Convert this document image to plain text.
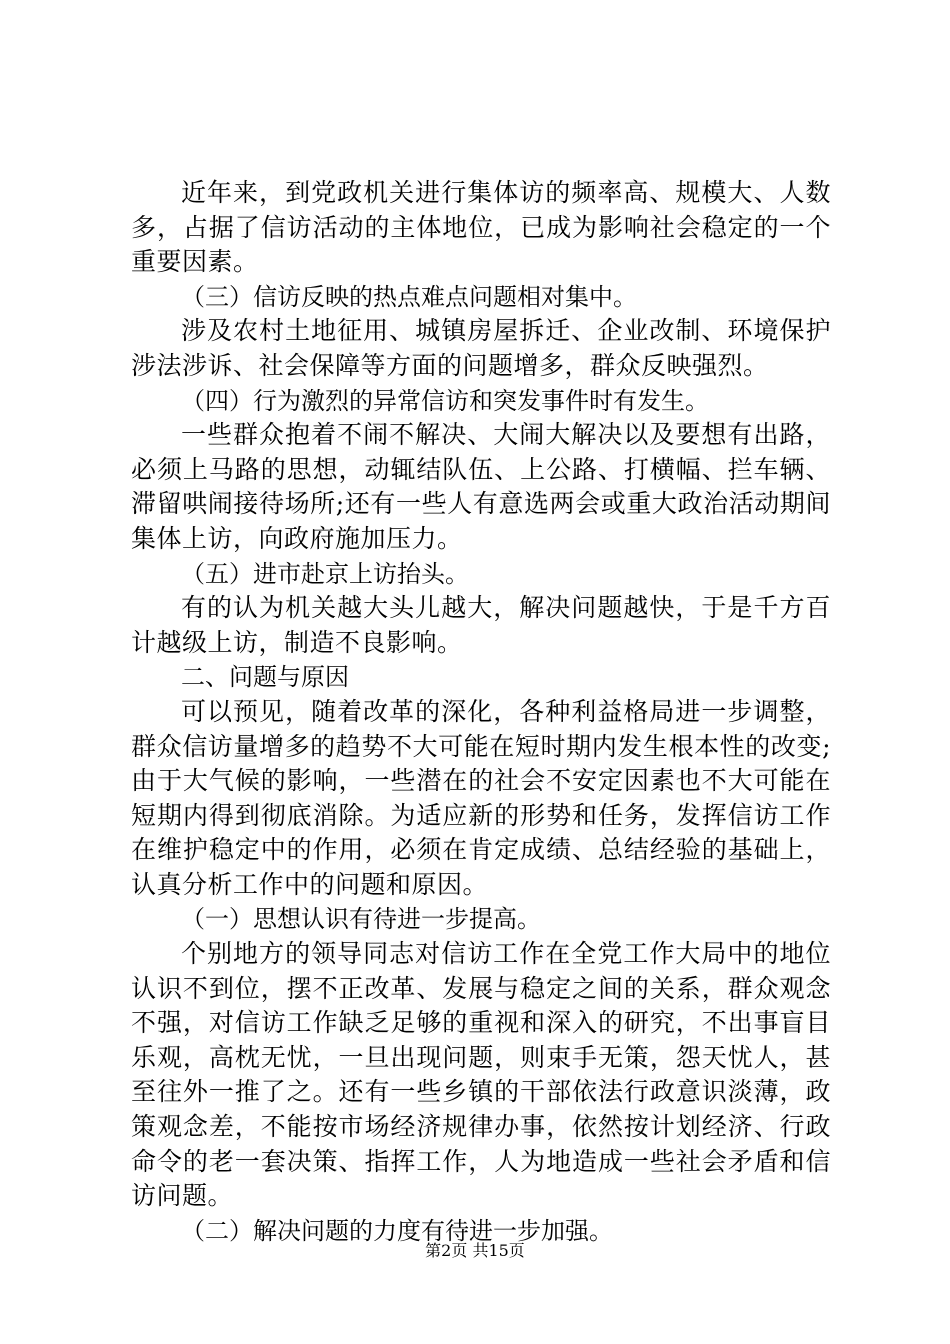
近年来，到党政机关进行集体访的频率高、规模大、人数多，占据了信访活动的主体地位，已成为影响社会稳定的一个重要因素。

（三）信访反映的热点难点问题相对集中。

涉及农村土地征用、城镇房屋拆迁、企业改制、环境保护涉法涉诉、社会保障等方面的问题增多，群众反映强烈。

（四）行为激烈的异常信访和突发事件时有发生。

一些群众抱着不闹不解决、大闹大解决以及要想有出路，必须上马路的思想，动辄结队伍、上公路、打横幅、拦车辆、滞留哄闹接待场所;还有一些人有意选两会或重大政治活动期间集体上访，向政府施加压力。

（五）进市赴京上访抬头。

有的认为机关越大头儿越大，解决问题越快，于是千方百计越级上访，制造不良影响。

二、问题与原因

可以预见，随着改革的深化，各种利益格局进一步调整，群众信访量增多的趋势不大可能在短时期内发生根本性的改变;由于大气候的影响，一些潜在的社会不安定因素也不大可能在短期内得到彻底消除。为适应新的形势和任务，发挥信访工作在维护稳定中的作用，必须在肯定成绩、总结经验的基础上，认真分析工作中的问题和原因。

（一）思想认识有待进一步提高。

个别地方的领导同志对信访工作在全党工作大局中的地位认识不到位，摆不正改革、发展与稳定之间的关系，群众观念不强，对信访工作缺乏足够的重视和深入的研究，不出事盲目乐观，高枕无忧，一旦出现问题，则束手无策，怨天忧人，甚至往外一推了之。还有一些乡镇的干部依法行政意识淡薄，政策观念差，不能按市场经济规律办事，依然按计划经济、行政命令的老一套决策、指挥工作，人为地造成一些社会矛盾和信访问题。

（二）解决问题的力度有待进一步加强。

第2页 共15页
